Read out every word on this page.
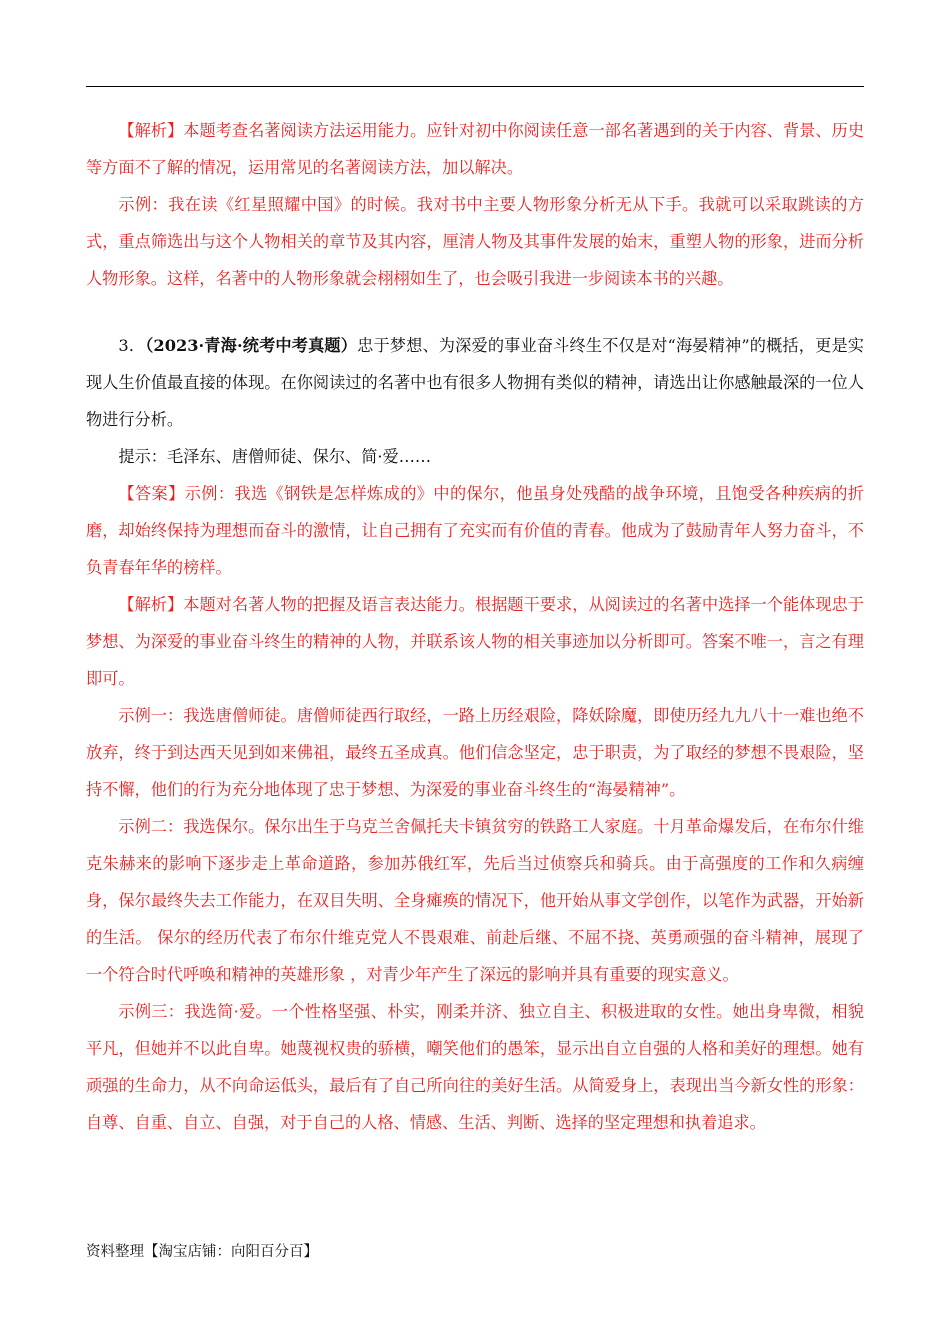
【解析】本题考查名著阅读方法运用能力。应针对初中你阅读任意一部名著遇到的关于内容、背景、历史等方面不了解的情况，运用常见的名著阅读方法，加以解决。

示例：我在读《红星照耀中国》的时候。我对书中主要人物形象分析无从下手。我就可以采取跳读的方式，重点筛选出与这个人物相关的章节及其内容，厘清人物及其事件发展的始末，重塑人物的形象，进而分析人物形象。这样，名著中的人物形象就会栩栩如生了，也会吸引我进一步阅读本书的兴趣。

3．（2023·青海·统考中考真题）忠于梦想、为深爱的事业奋斗终生不仅是对“海晏精神”的概括，更是实现人生价值最直接的体现。在你阅读过的名著中也有很多人物拥有类似的精神，请选出让你感触最深的一位人物进行分析。

提示：毛泽东、唐僧师徒、保尔、简·爱……

【答案】示例：我选《钢铁是怎样炼成的》中的保尔，他虽身处残酷的战争环境，且饱受各种疾病的折磨，却始终保持为理想而奋斗的激情，让自己拥有了充实而有价值的青春。他成为了鼓励青年人努力奋斗，不负青春年华的榜样。

【解析】本题对名著人物的把握及语言表达能力。根据题干要求，从阅读过的名著中选择一个能体现忠于梦想、为深爱的事业奋斗终生的精神的人物，并联系该人物的相关事迹加以分析即可。答案不唯一，言之有理即可。

示例一：我选唐僧师徒。唐僧师徒西行取经，一路上历经艰险，降妖除魔，即使历经九九八十一难也绝不放弃，终于到达西天见到如来佛祖，最终五圣成真。他们信念坚定，忠于职责，为了取经的梦想不畏艰险，坚持不懈，他们的行为充分地体现了忠于梦想、为深爱的事业奋斗终生的“海晏精神”。

示例二：我选保尔。保尔出生于乌克兰舍佩托夫卡镇贫穷的铁路工人家庭。十月革命爆发后，在布尔什维克朱赫来的影响下逐步走上革命道路，参加苏俄红军，先后当过侦察兵和骑兵。由于高强度的工作和久病缠身，保尔最终失去工作能力，在双目失明、全身瘫痪的情况下，他开始从事文学创作，以笔作为武器，开始新的生活。 保尔的经历代表了布尔什维克党人不畏艰难、前赴后继、不屈不挠、英勇顽强的奋斗精神，展现了一个符合时代呼唤和精神的英雄形象 ，对青少年产生了深远的影响并具有重要的现实意义。

示例三：我选简·爱。一个性格坚强、朴实，刚柔并济、独立自主、积极进取的女性。她出身卑微，相貌平凡，但她并不以此自卑。她蔑视权贵的骄横，嘲笑他们的愚笨，显示出自立自强的人格和美好的理想。她有顽强的生命力，从不向命运低头，最后有了自己所向往的美好生活。从简爱身上，表现出当今新女性的形象：自尊、自重、自立、自强，对于自己的人格、情感、生活、判断、选择的坚定理想和执着追求。

资料整理【淘宝店铺：向阳百分百】
